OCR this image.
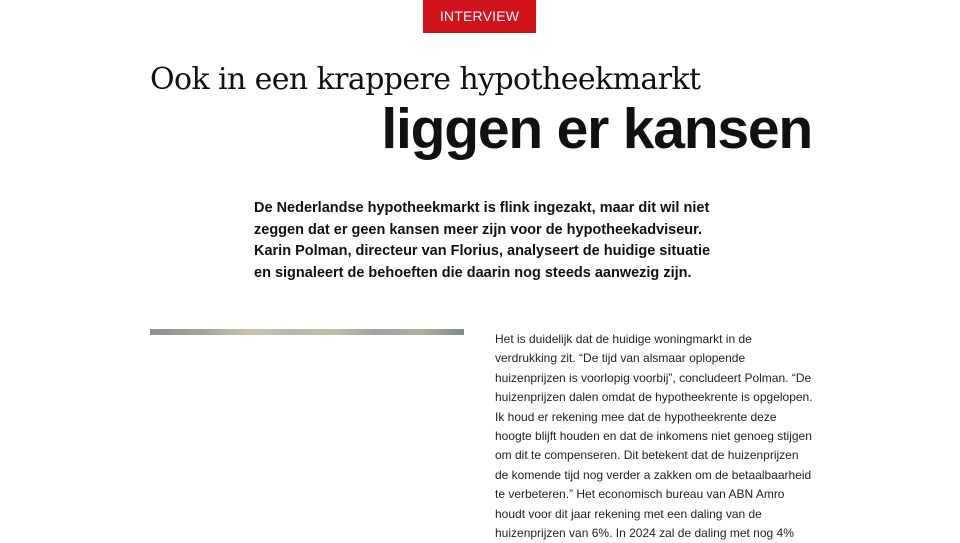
INTERVIEW
Ook in een krappere hypotheekmarkt
liggen er kansen

De Nederlandse hypotheekmarkt is flink ingezakt, maar dit wil niet zeggen dat er geen kansen meer zijn voor de hypotheekadviseur. Karin Polman, directeur van Florius, analyseert de huidige situatie en signaleert de behoeften die daarin nog steeds aanwezig zijn.

Het is duidelijk dat de huidige woningmarkt in de verdrukking zit. “De tijd van alsmaar oplopende huizenprijzen is voorlopig voorbij”, concludeert Polman. “De huizenprijzen dalen omdat de hypotheekrente is opgelopen. Ik houd er rekening mee dat de hypotheekrente deze hoogte blijft houden en dat de inkomens niet genoeg stijgen om dit te compenseren. Dit betekent dat de huizenprijzen de komende tijd nog verder a zakken om de betaalbaarheid te verbeteren.” Het economisch bureau van ABN Amro houdt voor dit jaar rekening met een daling van de huizenprijzen van 6%. In 2024 zal de daling met nog 4%
